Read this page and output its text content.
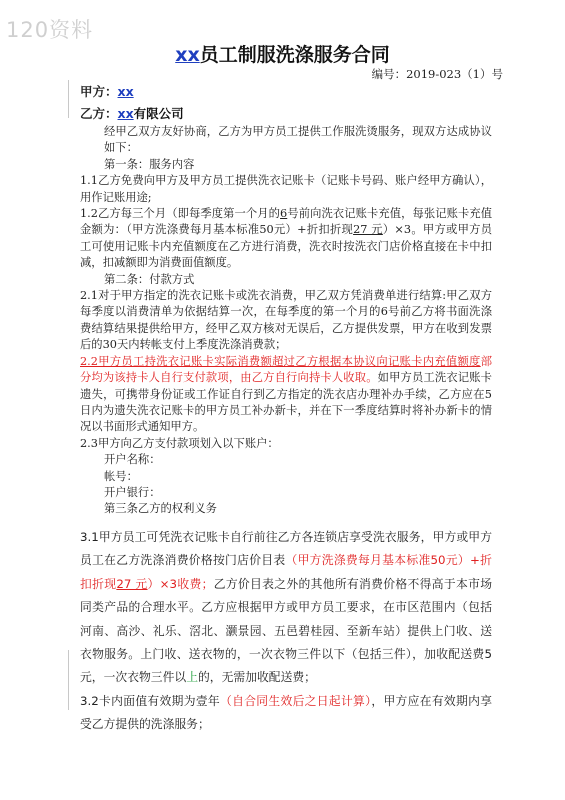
120资料
xx员工制服洗涤服务合同
编号：2019-023（1）号
甲方：xx
乙方：xx有限公司
经甲乙双方友好协商，乙方为甲方员工提供工作服洗烫服务，现双方达成协议如下：
第一条：服务内容
1.1乙方免费向甲方及甲方员工提供洗衣记账卡（记账卡号码、账户经甲方确认），用作记账用途;
1.2乙方每三个月（即每季度第一个月的6号前向洗衣记账卡充值，每张记账卡充值金额为：（甲方洗涤费每月基本标准50元）+折扣折现27 元）×3。甲方或甲方员工可使用记账卡内充值额度在乙方进行消费，洗衣时按洗衣门店价格直接在卡中扣减，扣减额即为消费面值额度。
第二条：付款方式
2.1对于甲方指定的洗衣记账卡或洗衣消费，甲乙双方凭消费单进行结算:甲乙双方每季度以消费清单为依据结算一次，在每季度的第一个月的6号前乙方将书面洗涤费结算结果提供给甲方，经甲乙双方核对无误后，乙方提供发票，甲方在收到发票后的30天内转帐支付上季度洗涤消费款；
2.2甲方员工持洗衣记账卡实际消费额超过乙方根据本协议向记账卡内充值额度部分均为该持卡人自行支付款项，由乙方自行向持卡人收取。如甲方员工洗衣记账卡遗失，可携带身份证或工作证自行到乙方指定的洗衣店办理补办手续，乙方应在5日内为遗失洗衣记账卡的甲方员工补办新卡，并在下一季度结算时将补办新卡的情况以书面形式通知甲方。
2.3甲方向乙方支付款项划入以下账户：
开户名称：
帐号：
开户银行：
第三条乙方的权利义务
3.1甲方员工可凭洗衣记账卡自行前往乙方各连锁店享受洗衣服务，甲方或甲方员工在乙方洗涤消费价格按门店价目表（甲方洗涤费每月基本标准50元）+折扣折现27 元）×3收费；乙方价目表之外的其他所有消费价格不得高于本市场同类产品的合理水平。乙方应根据甲方或甲方员工要求，在市区范围内（包括河南、高沙、礼乐、滘北、灏景园、五邑碧桂园、至新车站）提供上门收、送衣物服务。上门收、送衣物的，一次衣物三件以下（包括三件），加收配送费5元，一次衣物三件以上的，无需加收配送费；
3.2卡内面值有效期为壹年（自合同生效后之日起计算），甲方应在有效期内享受乙方提供的洗涤服务；
